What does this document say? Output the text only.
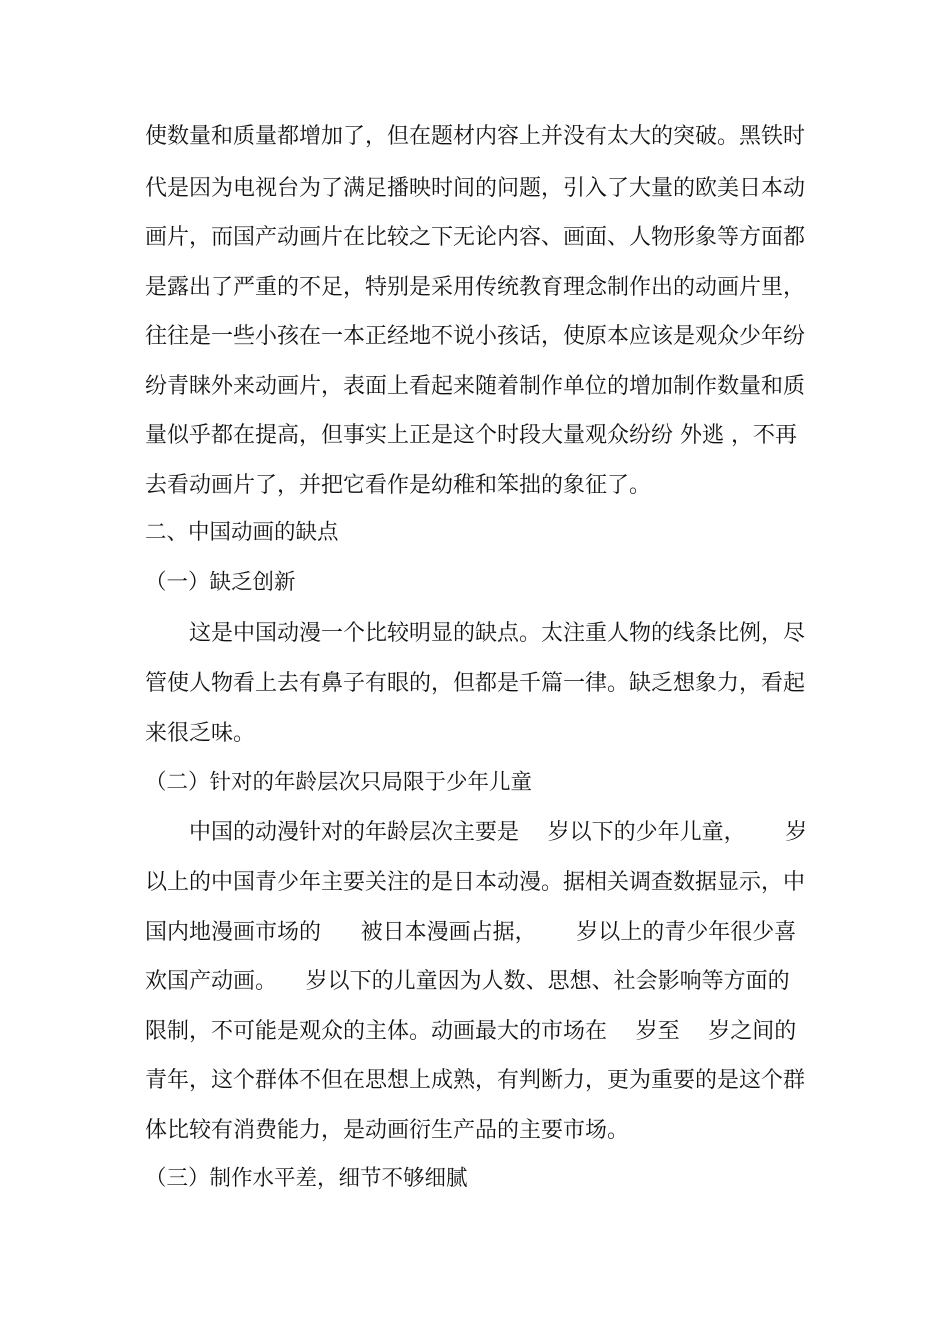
使数量和质量都增加了，但在题材内容上并没有太大的突破。黑铁时
代是因为电视台为了满足播映时间的问题，引入了大量的欧美日本动
画片，而国产动画片在比较之下无论内容、画面、人物形象等方面都
是露出了严重的不足，特别是采用传统教育理念制作出的动画片里，
往往是一些小孩在一本正经地不说小孩话，使原本应该是观众少年纷
纷青睐外来动画片，表面上看起来随着制作单位的增加制作数量和质
量似乎都在提高，但事实上正是这个时段大量观众纷纷 外逃 ，不再
去看动画片了，并把它看作是幼稚和笨拙的象征了。
二、中国动画的缺点
（一）缺乏创新
这是中国动漫一个比较明显的缺点。太注重人物的线条比例，尽
管使人物看上去有鼻子有眼的，但都是千篇一律。缺乏想象力，看起
来很乏味。
（二）针对的年龄层次只局限于少年儿童
中国的动漫针对的年龄层次主要是 岁以下的少年儿童， 岁
以上的中国青少年主要关注的是日本动漫。据相关调查数据显示，中
国内地漫画市场的 被日本漫画占据， 岁以上的青少年很少喜
欢国产动画。 岁以下的儿童因为人数、思想、社会影响等方面的
限制，不可能是观众的主体。动画最大的市场在 岁至 岁之间的
青年，这个群体不但在思想上成熟，有判断力，更为重要的是这个群
体比较有消费能力，是动画衍生产品的主要市场。
（三）制作水平差，细节不够细腻
